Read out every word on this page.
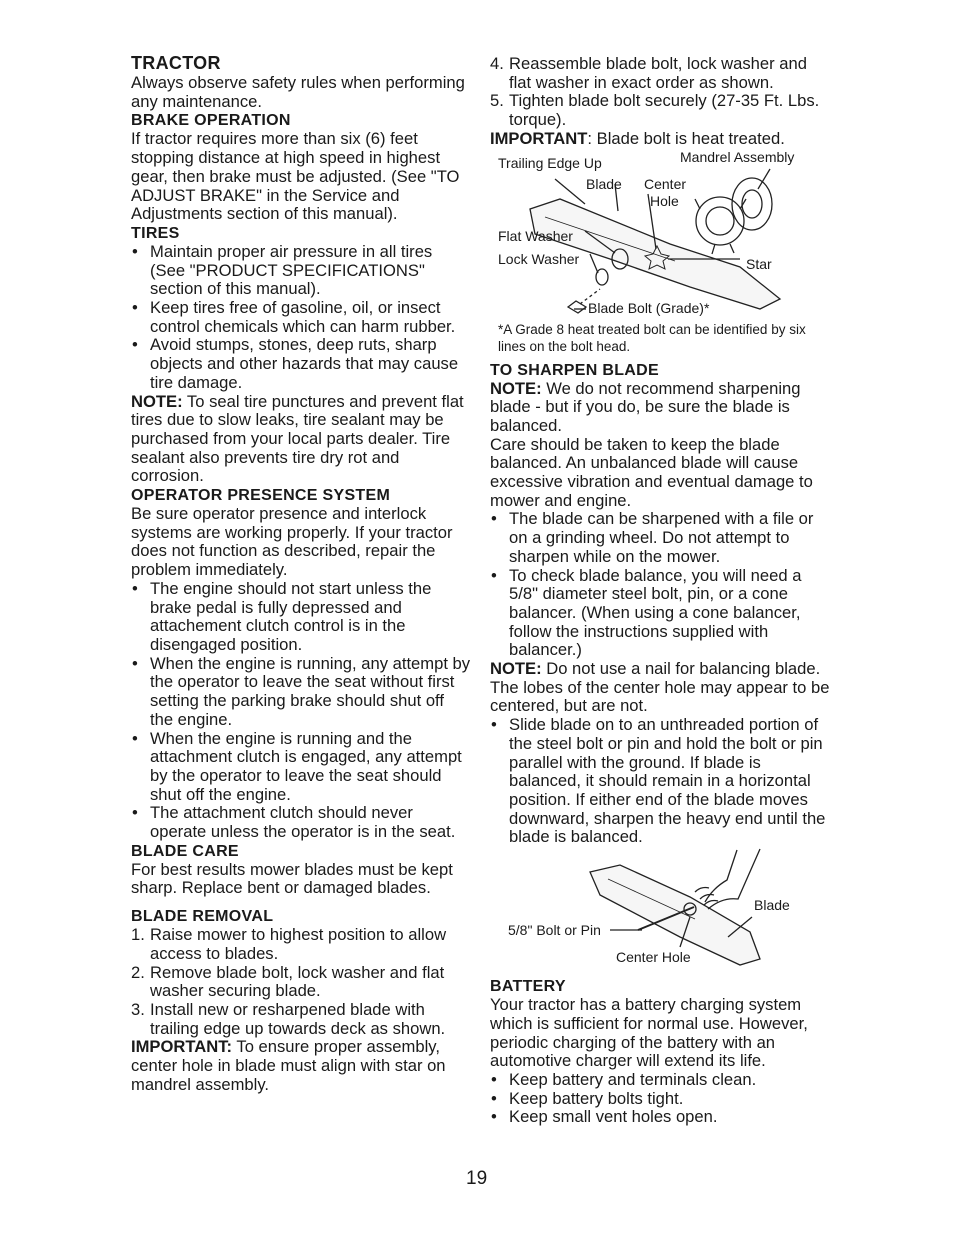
TRACTOR

Always observe safety rules when performing any maintenance.

BRAKE OPERATION

If tractor requires more than six (6) feet stopping distance at high speed in highest gear, then brake must be adjusted. (See "TO ADJUST BRAKE" in the Service and Adjustments section of this manual).

TIRES
• Maintain proper air pressure in all tires (See "PRODUCT SPECIFICATIONS" section of this manual).
• Keep tires free of gasoline, oil, or insect control chemicals which can harm rubber.
• Avoid stumps, stones, deep ruts, sharp objects and other hazards that may cause tire damage.

NOTE: To seal tire punctures and prevent flat tires due to slow leaks, tire sealant may be purchased from your local parts dealer. Tire sealant also prevents tire dry rot and corrosion.

OPERATOR PRESENCE SYSTEM

Be sure operator presence and interlock systems are working properly. If your tractor does not function as described, repair the problem immediately.

• The engine should not start unless the brake pedal is fully depressed and attachement clutch control is in the disengaged position.
• When the engine is running, any attempt by the operator to leave the seat without first setting the parking brake should shut off the engine.
• When the engine is running and the attachment clutch is engaged, any attempt by the operator to leave the seat should shut off the engine.
• The attachment clutch should never operate unless the operator is in the seat.
BLADE CARE

For best results mower blades must be kept sharp. Replace bent or damaged blades.

BLADE REMOVAL
1. Raise mower to highest position to allow access to blades.
2. Remove blade bolt, lock washer and flat washer securing blade.
3. Install new or resharpened blade with trailing edge up towards deck as shown.

IMPORTANT: To ensure proper assembly, center hole in blade must align with star on mandrel assembly.

4. Reassemble blade bolt, lock washer and flat washer in exact order as shown.
5. Tighten blade bolt securely (27-35 Ft. Lbs. torque).

IMPORTANT: Blade bolt is heat treated.

Trailing Edge Up	Mandrel Assembly
Blade Center
Hole
Flat Washer
Lock Washer	Star
Blade Bolt (Grade)*

*A Grade 8 heat treated bolt can be identified by six lines on the bolt head.

TO SHARPEN BLADE

NOTE: We do not recommend sharpening blade - but if you do, be sure the blade is balanced.

Care should be taken to keep the blade balanced. An unbalanced blade will cause excessive vibration and eventual damage to mower and engine.

• The blade can be sharpened with a file or on a grinding wheel. Do not attempt to sharpen while on the mower.
• To check blade balance, you will need a 5/8" diameter steel bolt, pin, or a cone balancer. (When using a cone balancer, follow the instructions supplied with balancer.)

NOTE: Do not use a nail for balancing blade. The lobes of the center hole may appear to be centered, but are not.

• Slide blade on to an unthreaded portion of the steel bolt or pin and hold the bolt or pin parallel with the ground. If blade is balanced, it should remain in a horizontal position. If either end of the blade moves downward, sharpen the heavy end until the blade is balanced.
Blade
5/8" Bolt or Pin
Center Hole
BATTERY

Your tractor has a battery charging system which is sufficient for normal use. However, periodic charging of the battery with an automotive charger will extend its life.

• Keep battery and terminals clean.
• Keep battery bolts tight.
• Keep small vent holes open.
19
